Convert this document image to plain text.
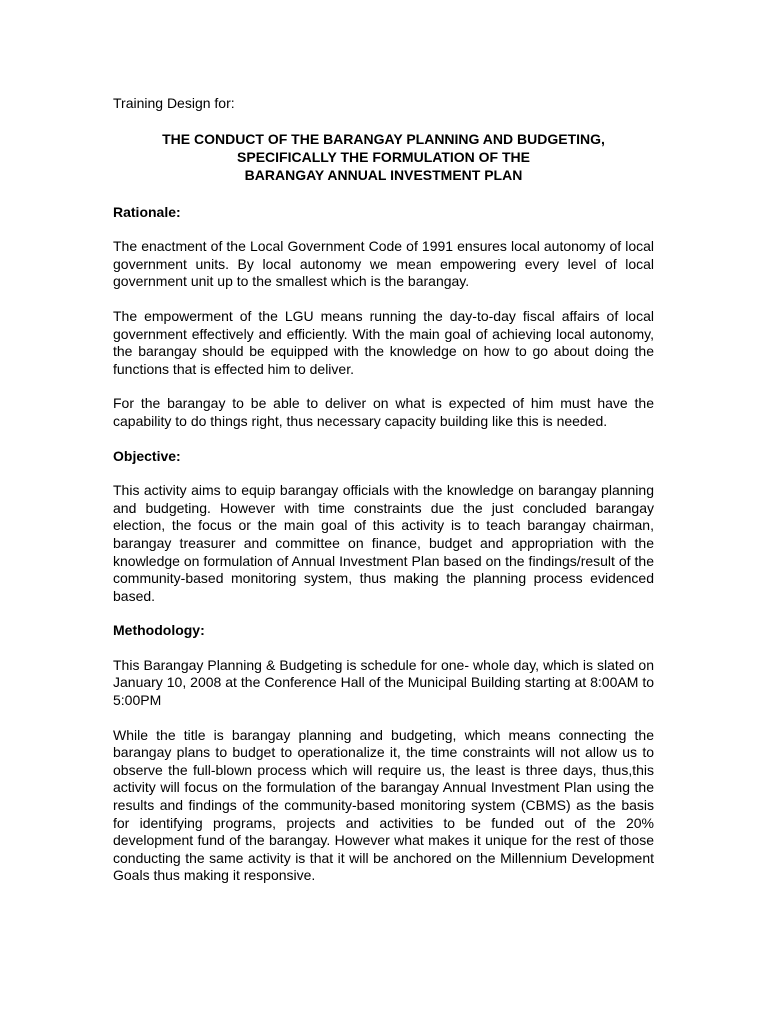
Training Design for:

THE CONDUCT OF THE BARANGAY PLANNING AND BUDGETING,
SPECIFICALLY THE FORMULATION OF THE
BARANGAY ANNUAL INVESTMENT PLAN

Rationale:

The enactment of the Local Government Code of 1991 ensures local autonomy of local government units. By local autonomy we mean empowering every level of local government unit up to the smallest which is the barangay.

The empowerment of the LGU means running the day-to-day fiscal affairs of local government effectively and efficiently. With the main goal of achieving local autonomy, the barangay should be equipped with the knowledge on how to go about doing the functions that is effected him to deliver.

For the barangay to be able to deliver on what is expected of him must have the capability to do things right, thus necessary capacity building like this is needed.

Objective:

This activity aims to equip barangay officials with the knowledge on barangay planning and budgeting. However with time constraints due the just concluded barangay election, the focus or the main goal of this activity is to teach barangay chairman, barangay treasurer and committee on finance, budget and appropriation with the knowledge on formulation of Annual Investment Plan based on the findings/result of the community-based monitoring system, thus making the planning process evidenced based.

Methodology:

This Barangay Planning & Budgeting is schedule for one- whole day, which is slated on January 10, 2008 at the Conference Hall of the Municipal Building starting at 8:00AM to 5:00PM

While the title is barangay planning and budgeting, which means connecting the barangay plans to budget to operationalize it, the time constraints will not allow us to observe the full-blown process which will require us, the least is three days, thus,this activity will focus on the formulation of the barangay Annual Investment Plan using the results and findings of the community-based monitoring system (CBMS) as the basis for identifying programs, projects and activities to be funded out of the 20% development fund of the barangay. However what makes it unique for the rest of those conducting the same activity is that it will be anchored on the Millennium Development Goals thus making it responsive.
